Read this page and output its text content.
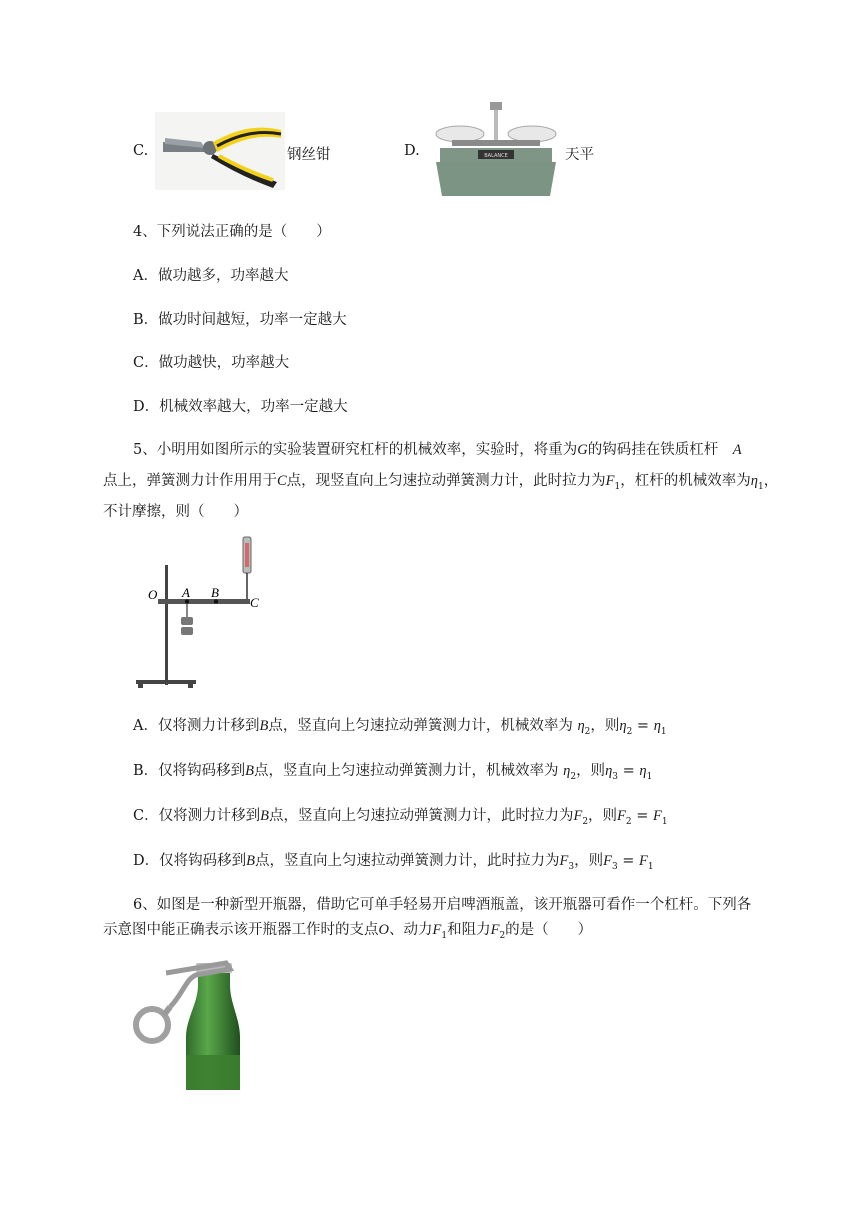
C.	钢丝钳	D.	BALANCE	天平
4、下列说法正确的是（　　）
A．做功越多，功率越大
B．做功时间越短，功率一定越大
C．做功越快，功率越大
D．机械效率越大，功率一定越大
5、小明用如图所示的实验装置研究杠杆的机械效率，实验时，将重为G的钩码挂在铁质杠杆　 A
点上，弹簧测力计作用用于C点，现竖直向上匀速拉动弹簧测力计，此时拉力为$F_1$，杠杆的机械效率为$\eta_1$，
不计摩擦，则（　　）
O A B
C
A．仅将测力计移到B点，竖直向上匀速拉动弹簧测力计，机械效率为 $\eta_2$，则$\eta_2 = \eta_1$
B．仅将钩码移到B点，竖直向上匀速拉动弹簧测力计，机械效率为 $\eta_2$，则$\eta_3 = \eta_1$
C．仅将测力计移到B点，竖直向上匀速拉动弹簧测力计，此时拉力为$F_2$，则$F_2 = F_1$
D．仅将钩码移到B点，竖直向上匀速拉动弹簧测力计，此时拉力为$F_3$，则$F_3 = F_1$
6、如图是一种新型开瓶器，借助它可单手轻易开启啤酒瓶盖，该开瓶器可看作一个杠杆。下列各
示意图中能正确表示该开瓶器工作时的支点O、动力$F_1$和阻力$F_2$的是（　　）
